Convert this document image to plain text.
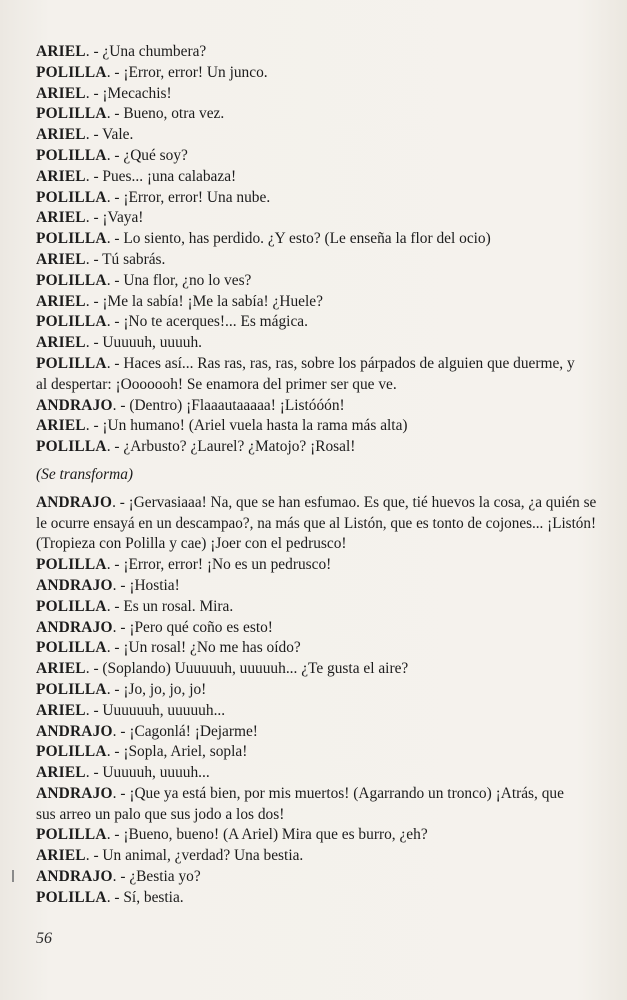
ARIEL. - ¿Una chumbera?
POLILLA. - ¡Error, error! Un junco.
ARIEL. - ¡Mecachis!
POLILLA. - Bueno, otra vez.
ARIEL. - Vale.
POLILLA. - ¿Qué soy?
ARIEL. - Pues... ¡una calabaza!
POLILLA. - ¡Error, error! Una nube.
ARIEL. - ¡Vaya!
POLILLA. - Lo siento, has perdido. ¿Y esto? (Le enseña la flor del ocio)
ARIEL. - Tú sabrás.
POLILLA. - Una flor, ¿no lo ves?
ARIEL. - ¡Me la sabía! ¡Me la sabía! ¿Huele?
POLILLA. - ¡No te acerques!... Es mágica.
ARIEL. - Uuuuuh, uuuuh.
POLILLA. - Haces así... Ras ras, ras, ras, sobre los párpados de alguien que duerme, y
al despertar: ¡Ooooooh! Se enamora del primer ser que ve.
ANDRAJO. - (Dentro) ¡Flaaautaaaaa! ¡Listóóón!
ARIEL. - ¡Un humano! (Ariel vuela hasta la rama más alta)
POLILLA. - ¿Arbusto? ¿Laurel? ¿Matojo? ¡Rosal!
(Se transforma)
ANDRAJO. - ¡Gervasiaaa! Na, que se han esfumao. Es que, tié huevos la cosa, ¿a quién se
le ocurre ensayá en un descampao?, na más que al Listón, que es tonto de cojones... ¡Listón!
(Tropieza con Polilla y cae) ¡Joer con el pedrusco!
POLILLA. - ¡Error, error! ¡No es un pedrusco!
ANDRAJO. - ¡Hostia!
POLILLA. - Es un rosal. Mira.
ANDRAJO. - ¡Pero qué coño es esto!
POLILLA. - ¡Un rosal! ¿No me has oído?
ARIEL. - (Soplando) Uuuuuuh, uuuuuh... ¿Te gusta el aire?
POLILLA. - ¡Jo, jo, jo, jo!
ARIEL. - Uuuuuuh, uuuuuh...
ANDRAJO. - ¡Cagonlá! ¡Dejarme!
POLILLA. - ¡Sopla, Ariel, sopla!
ARIEL. - Uuuuuh, uuuuh...
ANDRAJO. - ¡Que ya está bien, por mis muertos! (Agarrando un tronco) ¡Atrás, que
sus arreo un palo que sus jodo a los dos!
POLILLA. - ¡Bueno, bueno! (A Ariel) Mira que es burro, ¿eh?
ARIEL. - Un animal, ¿verdad? Una bestia.
ANDRAJO. - ¿Bestia yo?
POLILLA. - Sí, bestia.
56
